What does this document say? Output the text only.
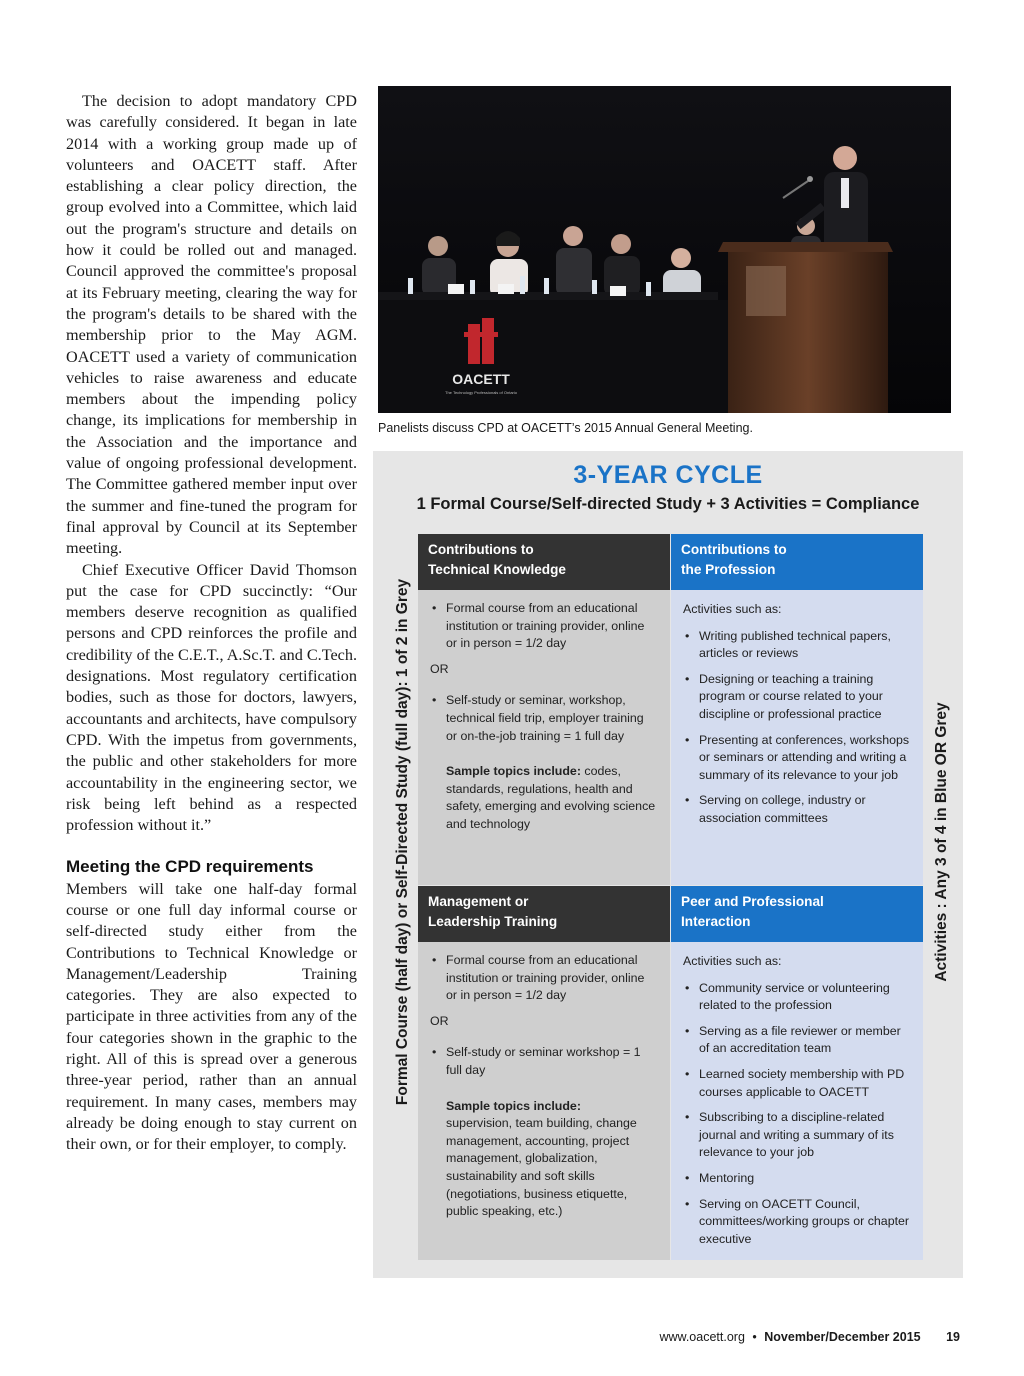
The decision to adopt mandatory CPD was carefully considered. It began in late 2014 with a working group made up of volunteers and OACETT staff. After establishing a clear policy direction, the group evolved into a Committee, which laid out the program's structure and details on how it could be rolled out and managed. Council approved the committee's proposal at its February meeting, clearing the way for the program's details to be shared with the membership prior to the May AGM. OACETT used a variety of communication vehicles to raise awareness and educate members about the impending policy change, its implications for membership in the Association and the importance and value of ongoing professional development. The Committee gathered member input over the summer and fine-tuned the program for final approval by Council at its September meeting.

Chief Executive Officer David Thomson put the case for CPD succinctly: “Our members deserve recognition as qualified persons and CPD reinforces the profile and credibility of the C.E.T., A.Sc.T. and C.Tech. designations. Most regulatory certification bodies, such as those for doctors, lawyers, accountants and architects, have compulsory CPD. With the impetus from governments, the public and other stakeholders for more accountability in the engineering sector, we risk being left behind as a respected profession without it.”

Meeting the CPD requirements

Members will take one half-day formal course or one full day informal course or self-directed study either from the Contributions to Technical Knowledge or Management/Leadership Training categories. They are also expected to participate in three activities from any of the four categories shown in the graphic to the right. All of this is spread over a generous three-year period, rather than an annual requirement. In many cases, members may already be doing enough to stay current on their own, or for their employer, to comply.

OACETT
The Technology Professionals of Ontario
Panelists discuss CPD at OACETT’s 2015 Annual General Meeting.
3-YEAR CYCLE
1 Formal Course/Self-directed Study + 3 Activities = Compliance
Formal Course (half day) or Self-Directed Study (full day): 1 of 2 in Grey	Activities : Any 3 of 4 in Blue OR Grey
Contributions to
Technical Knowledge
Contributions to
the Profession
• Formal course from an educational institution or training provider, online or in person = 1/2 day
OR
• Self-study or seminar, workshop, technical field trip, employer training or on-the-job training = 1 full day
Sample topics include: codes, standards, regulations, health and safety, emerging and evolving science and technology
Activities such as:
• Writing published technical papers, articles or reviews
• Designing or teaching a training program or course related to your discipline or professional practice
• Presenting at conferences, workshops or seminars or attending and writing a summary of its relevance to your job
• Serving on college, industry or association committees
Management or
Leadership Training
Peer and Professional
Interaction
• Formal course from an educational institution or training provider, online or in person = 1/2 day
OR
• Self-study or seminar workshop = 1 full day
Sample topics include:
supervision, team building, change management, accounting, project management, globalization, sustainability and soft skills (negotiations, business etiquette, public speaking, etc.)
Activities such as:
• Community service or volunteering related to the profession
• Serving as a file reviewer or member of an accreditation team
• Learned society membership with PD courses applicable to OACETT
• Subscribing to a discipline-related journal and writing a summary of its relevance to your job
• Mentoring
• Serving on OACETT Council, committees/working groups or chapter executive
www.oacett.org • November/December 2015 19
